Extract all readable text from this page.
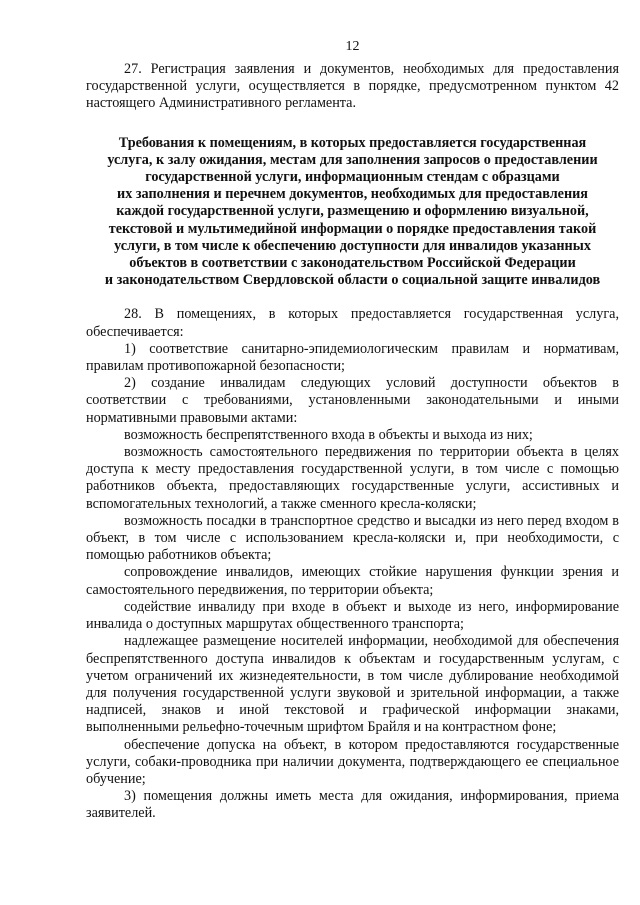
12

27. Регистрация заявления и документов, необходимых для предоставления государственной услуги, осуществляется в порядке, предусмотренном пунктом 42 настоящего Административного регламента.

Требования к помещениям, в которых предоставляется государственная
услуга, к залу ожидания, местам для заполнения запросов о предоставлении
государственной услуги, информационным стендам с образцами
их заполнения и перечнем документов, необходимых для предоставления
каждой государственной услуги, размещению и оформлению визуальной,
текстовой и мультимедийной информации о порядке предоставления такой
услуги, в том числе к обеспечению доступности для инвалидов указанных
объектов в соответствии с законодательством Российской Федерации
и законодательством Свердловской области о социальной защите инвалидов

28. В помещениях, в которых предоставляется государственная услуга, обеспечивается:

1) соответствие санитарно-эпидемиологическим правилам и нормативам, правилам противопожарной безопасности;

2) создание инвалидам следующих условий доступности объектов в соответствии с требованиями, установленными законодательными и иными нормативными правовыми актами:

возможность беспрепятственного входа в объекты и выхода из них;

возможность самостоятельного передвижения по территории объекта в целях доступа к месту предоставления государственной услуги, в том числе с помощью работников объекта, предоставляющих государственные услуги, ассистивных и вспомогательных технологий, а также сменного кресла-коляски;

возможность посадки в транспортное средство и высадки из него перед входом в объект, в том числе с использованием кресла-коляски и, при необходимости, с помощью работников объекта;

сопровождение инвалидов, имеющих стойкие нарушения функции зрения и самостоятельного передвижения, по территории объекта;

содействие инвалиду при входе в объект и выходе из него, информирование инвалида о доступных маршрутах общественного транспорта;

надлежащее размещение носителей информации, необходимой для обеспечения беспрепятственного доступа инвалидов к объектам и государственным услугам, с учетом ограничений их жизнедеятельности, в том числе дублирование необходимой для получения государственной услуги звуковой и зрительной информации, а также надписей, знаков и иной текстовой и графической информации знаками, выполненными рельефно-точечным шрифтом Брайля и на контрастном фоне;

обеспечение допуска на объект, в котором предоставляются государственные услуги, собаки-проводника при наличии документа, подтверждающего ее специальное обучение;

3) помещения должны иметь места для ожидания, информирования, приема заявителей.
